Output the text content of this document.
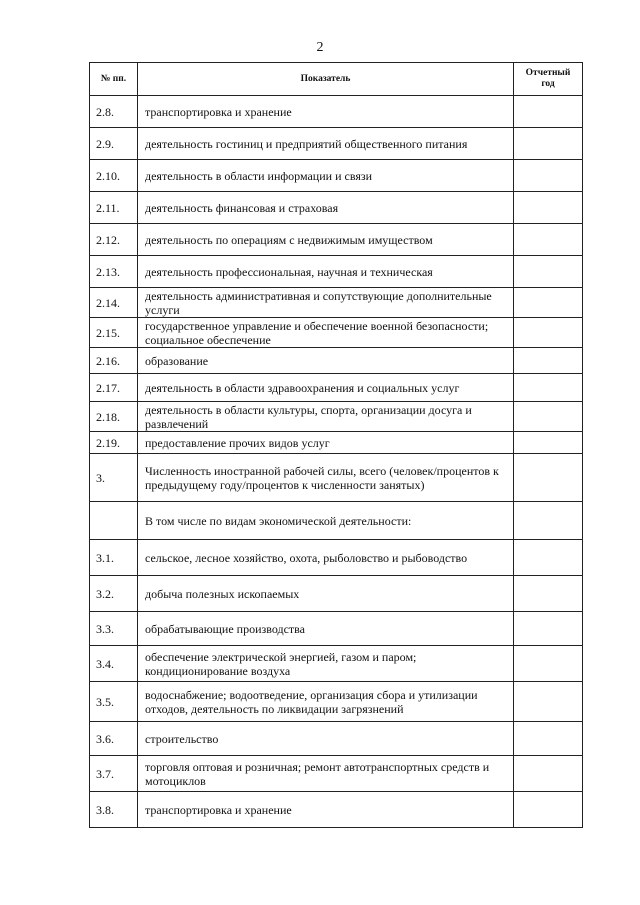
2
№ пп.	Показатель	Отчетный год
2.8.	транспортировка и хранение	
2.9.	деятельность гостиниц и предприятий общественного питания	
2.10.	деятельность в области информации и связи	
2.11.	деятельность финансовая и страховая	
2.12.	деятельность по операциям с недвижимым имуществом	
2.13.	деятельность профессиональная, научная и техническая	
2.14.	деятельность административная и сопутствующие дополнительные услуги	
2.15.	государственное управление и обеспечение военной безопасности; социальное обеспечение	
2.16.	образование	
2.17.	деятельность в области здравоохранения и социальных услуг	
2.18.	деятельность в области культуры, спорта, организации досуга и развлечений	
2.19.	предоставление прочих видов услуг	
3.	Численность иностранной рабочей силы, всего (человек/процентов к предыдущему году/процентов к численности занятых)	
	В том числе по видам экономической деятельности:	
3.1.	сельское, лесное хозяйство, охота, рыболовство и рыбоводство	
3.2.	добыча полезных ископаемых	
3.3.	обрабатывающие производства	
3.4.	обеспечение электрической энергией, газом и паром; кондиционирование воздуха	
3.5.	водоснабжение; водоотведение, организация сбора и утилизации отходов, деятельность по ликвидации загрязнений	
3.6.	строительство	
3.7.	торговля оптовая и розничная; ремонт автотранспортных средств и мотоциклов	
3.8.	транспортировка и хранение	
